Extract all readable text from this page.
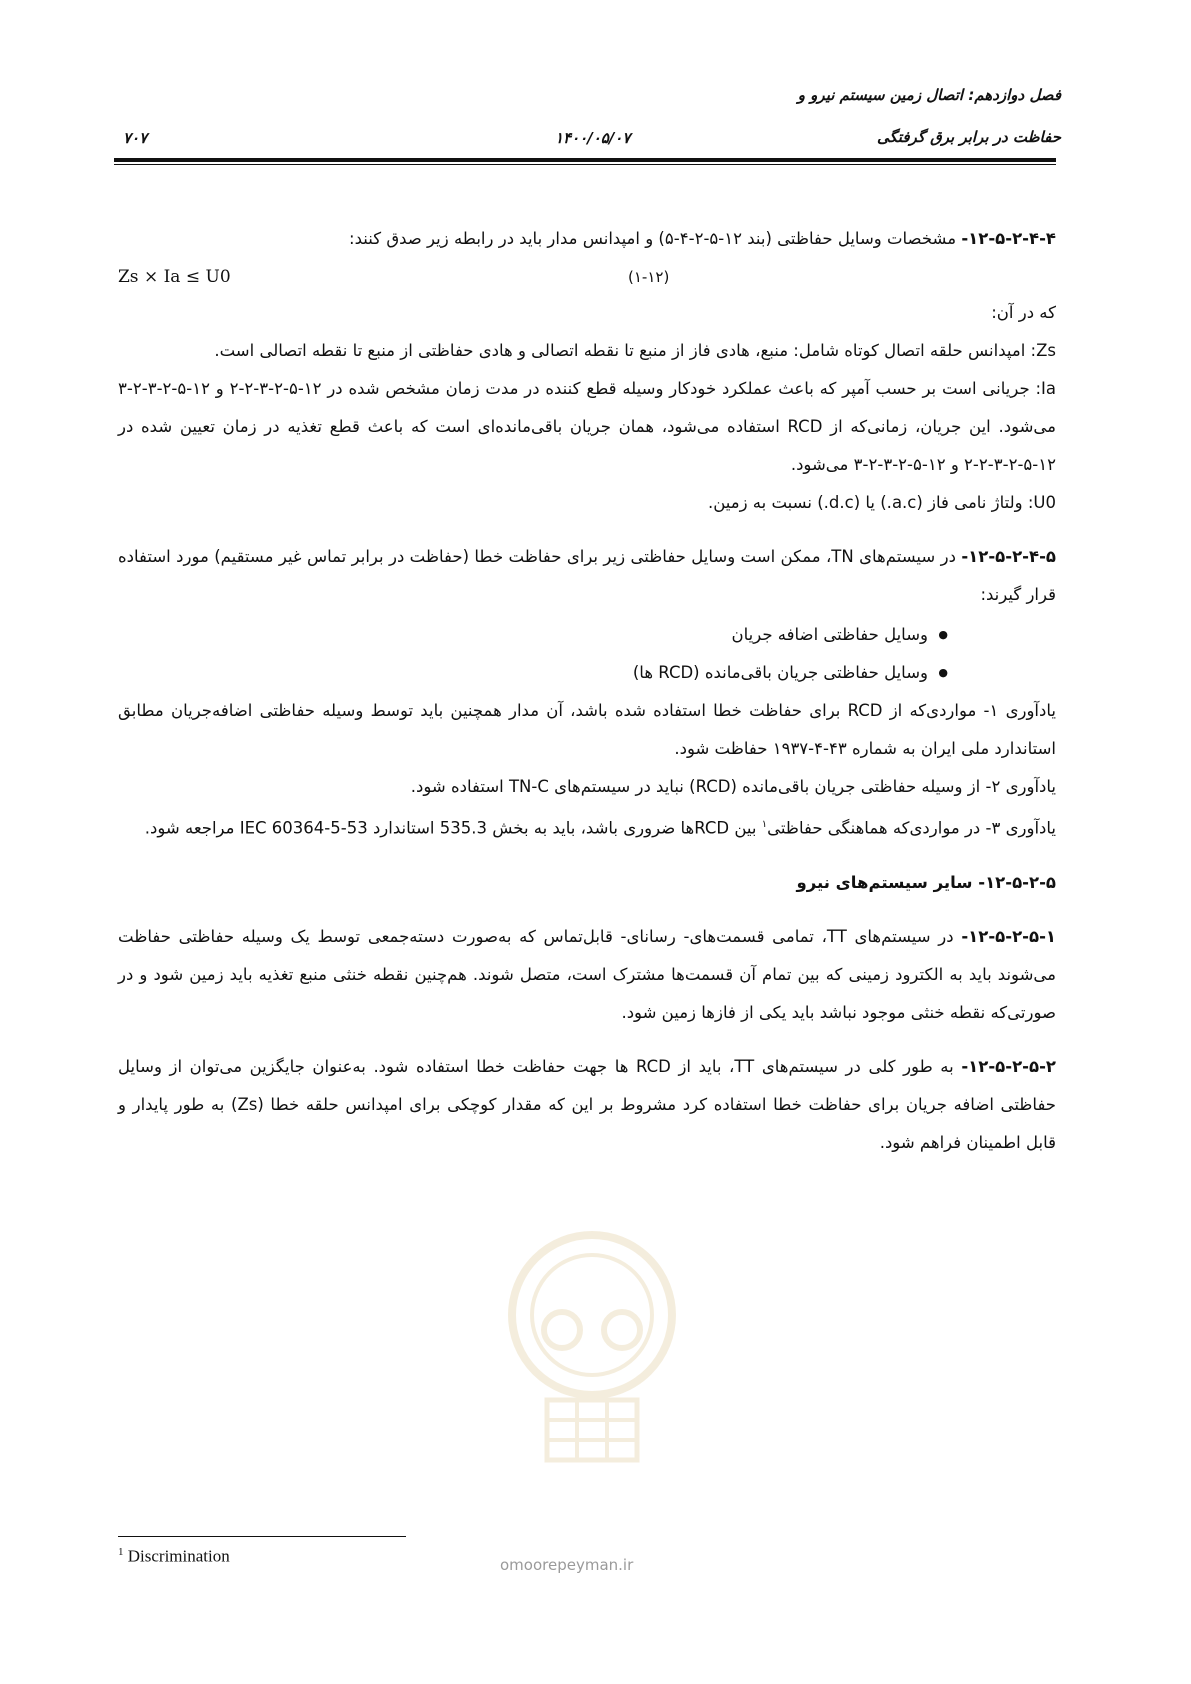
فصل دوازدهم: اتصال زمین سیستم نیرو و
حفاظت در برابر برق گرفتگی
۱۴۰۰/۰۵/۰۷
۷۰۷

۱۲-۵-۲-۴-۴- مشخصات وسایل حفاظتی (بند ۱۲-۵-۲-۴-۵) و امپدانس مدار باید در رابطه زیر صدق کنند:

Zs × Ia ≤ U0	(۱-۱۲)

که در آن:

Zs: امپدانس حلقه اتصال کوتاه شامل: منبع، هادی فاز از منبع تا نقطه اتصالی و هادی حفاظتی از منبع تا نقطه اتصالی است.

Ia: جریانی است بر حسب آمپر که باعث عملکرد خودکار وسیله قطع کننده در مدت زمان مشخص شده در ۱۲-۵-۲-۳-۲-۲ و ۱۲-۵-۲-۳-۲-۳ می‌شود. این جریان، زمانی‌که از RCD استفاده می‌شود، همان جریان باقی‌مانده‌ای است که باعث قطع تغذیه در زمان تعیین شده در ۱۲-۵-۲-۳-۲-۲ و ۱۲-۵-۲-۳-۲-۳ می‌شود.

U0: ولتاژ نامی فاز (a.c.) یا (d.c.) نسبت به زمین.

۱۲-۵-۲-۴-۵- در سیستم‌های TN، ممکن است وسایل حفاظتی زیر برای حفاظت خطا (حفاظت در برابر تماس غیر مستقیم) مورد استفاده قرار گیرند:

● وسایل حفاظتی اضافه جریان
● وسایل حفاظتی جریان باقی‌مانده (RCD ها)

یادآوری ۱- مواردی‌که از RCD برای حفاظت خطا استفاده شده باشد، آن مدار همچنین باید توسط وسیله حفاظتی اضافه‌جریان مطابق استاندارد ملی ایران به شماره ۴۳-۴-۱۹۳۷ حفاظت شود.

یادآوری ۲- از وسیله حفاظتی جریان باقی‌مانده (RCD) نباید در سیستم‌های TN-C استفاده شود.

یادآوری ۳- در مواردی‌که هماهنگی حفاظتی$^۱$ بین RCDها ضروری باشد، باید به بخش 535.3 استاندارد IEC 60364-5-53 مراجعه شود.

۱۲-۵-۲-۵- سایر سیستم‌های نیرو

۱۲-۵-۲-۵-۱- در سیستم‌های TT، تمامی قسمت‌های- رسانای- قابل‌تماس که به‌صورت دسته‌جمعی توسط یک وسیله حفاظتی حفاظت می‌شوند باید به الکترود زمینی که بین تمام آن قسمت‌ها مشترک است، متصل شوند. هم‌چنین نقطه خنثی منبع تغذیه باید زمین شود و در صورتی‌که نقطه خنثی موجود نباشد باید یکی از فازها زمین شود.

۱۲-۵-۲-۵-۲- به طور کلی در سیستم‌های TT، باید از RCD ها جهت حفاظت خطا استفاده شود. به‌عنوان جایگزین می‌توان از وسایل حفاظتی اضافه جریان برای حفاظت خطا استفاده کرد مشروط بر این که مقدار کوچکی برای امپدانس حلقه خطا (Zs) به طور پایدار و قابل اطمینان فراهم شود.

omoorepeyman.ir
$^1$ Discrimination
